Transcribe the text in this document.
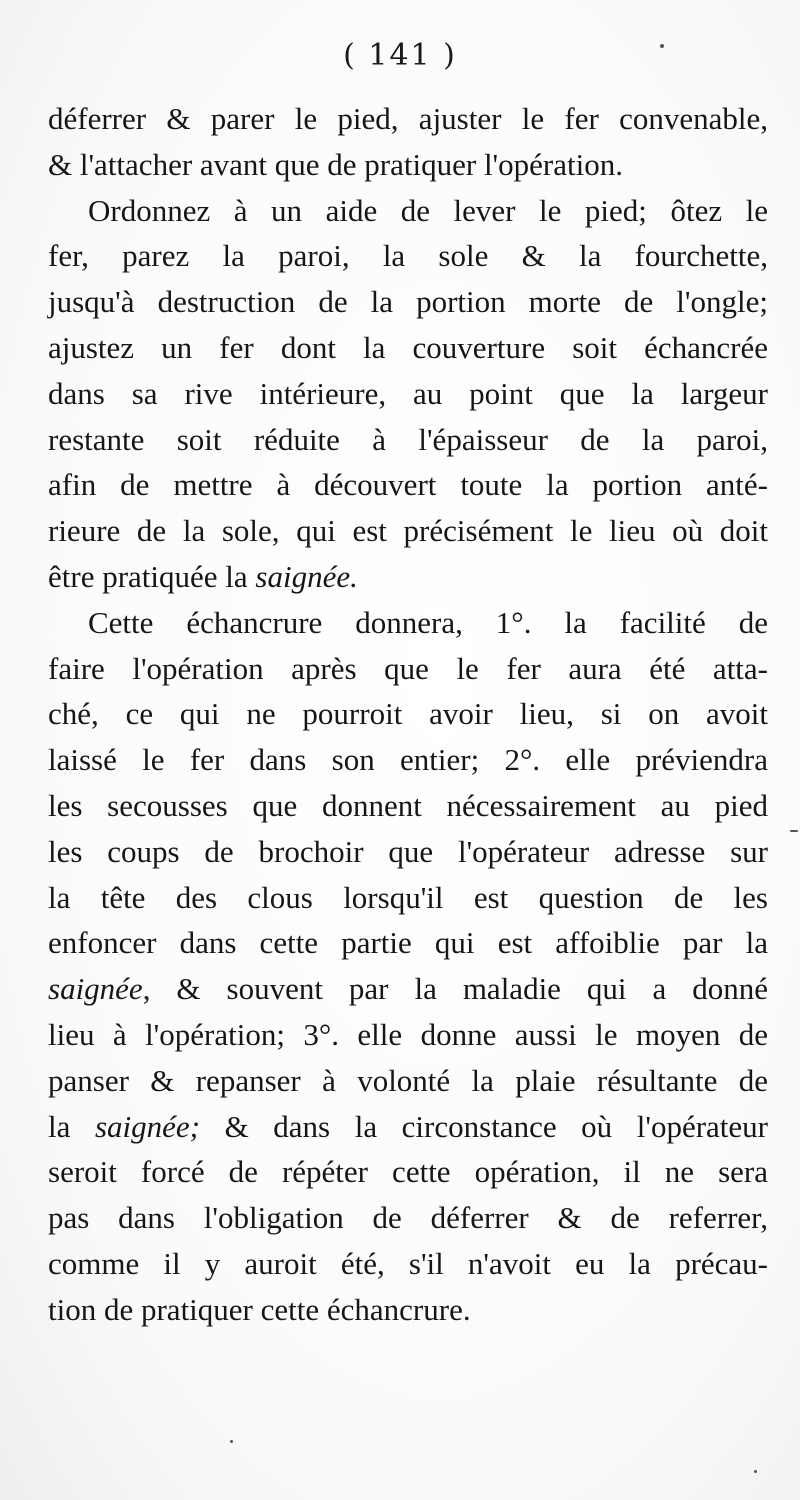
( 141 )

déferrer & parer le pied, ajuster le fer convenable,
& l'attacher avant que de pratiquer l'opération.

Ordonnez à un aide de lever le pied; ôtez le
fer, parez la paroi, la sole & la fourchette,
jusqu'à destruction de la portion morte de l'ongle;
ajustez un fer dont la couverture soit échancrée
dans sa rive intérieure, au point que la largeur
restante soit réduite à l'épaisseur de la paroi,
afin de mettre à découvert toute la portion anté-
rieure de la sole, qui est précisément le lieu où doit
être pratiquée la saignée.

Cette échancrure donnera, 1°. la facilité de
faire l'opération après que le fer aura été atta-
ché, ce qui ne pourroit avoir lieu, si on avoit
laissé le fer dans son entier; 2°. elle préviendra
les secousses que donnent nécessairement au pied
les coups de brochoir que l'opérateur adresse sur
la tête des clous lorsqu'il est question de les
enfoncer dans cette partie qui est affoiblie par la
saignée, & souvent par la maladie qui a donné
lieu à l'opération; 3°. elle donne aussi le moyen de
panser & repanser à volonté la plaie résultante de
la saignée; & dans la circonstance où l'opérateur
seroit forcé de répéter cette opération, il ne sera
pas dans l'obligation de déferrer & de referrer,
comme il y auroit été, s'il n'avoit eu la précau-
tion de pratiquer cette échancrure.
